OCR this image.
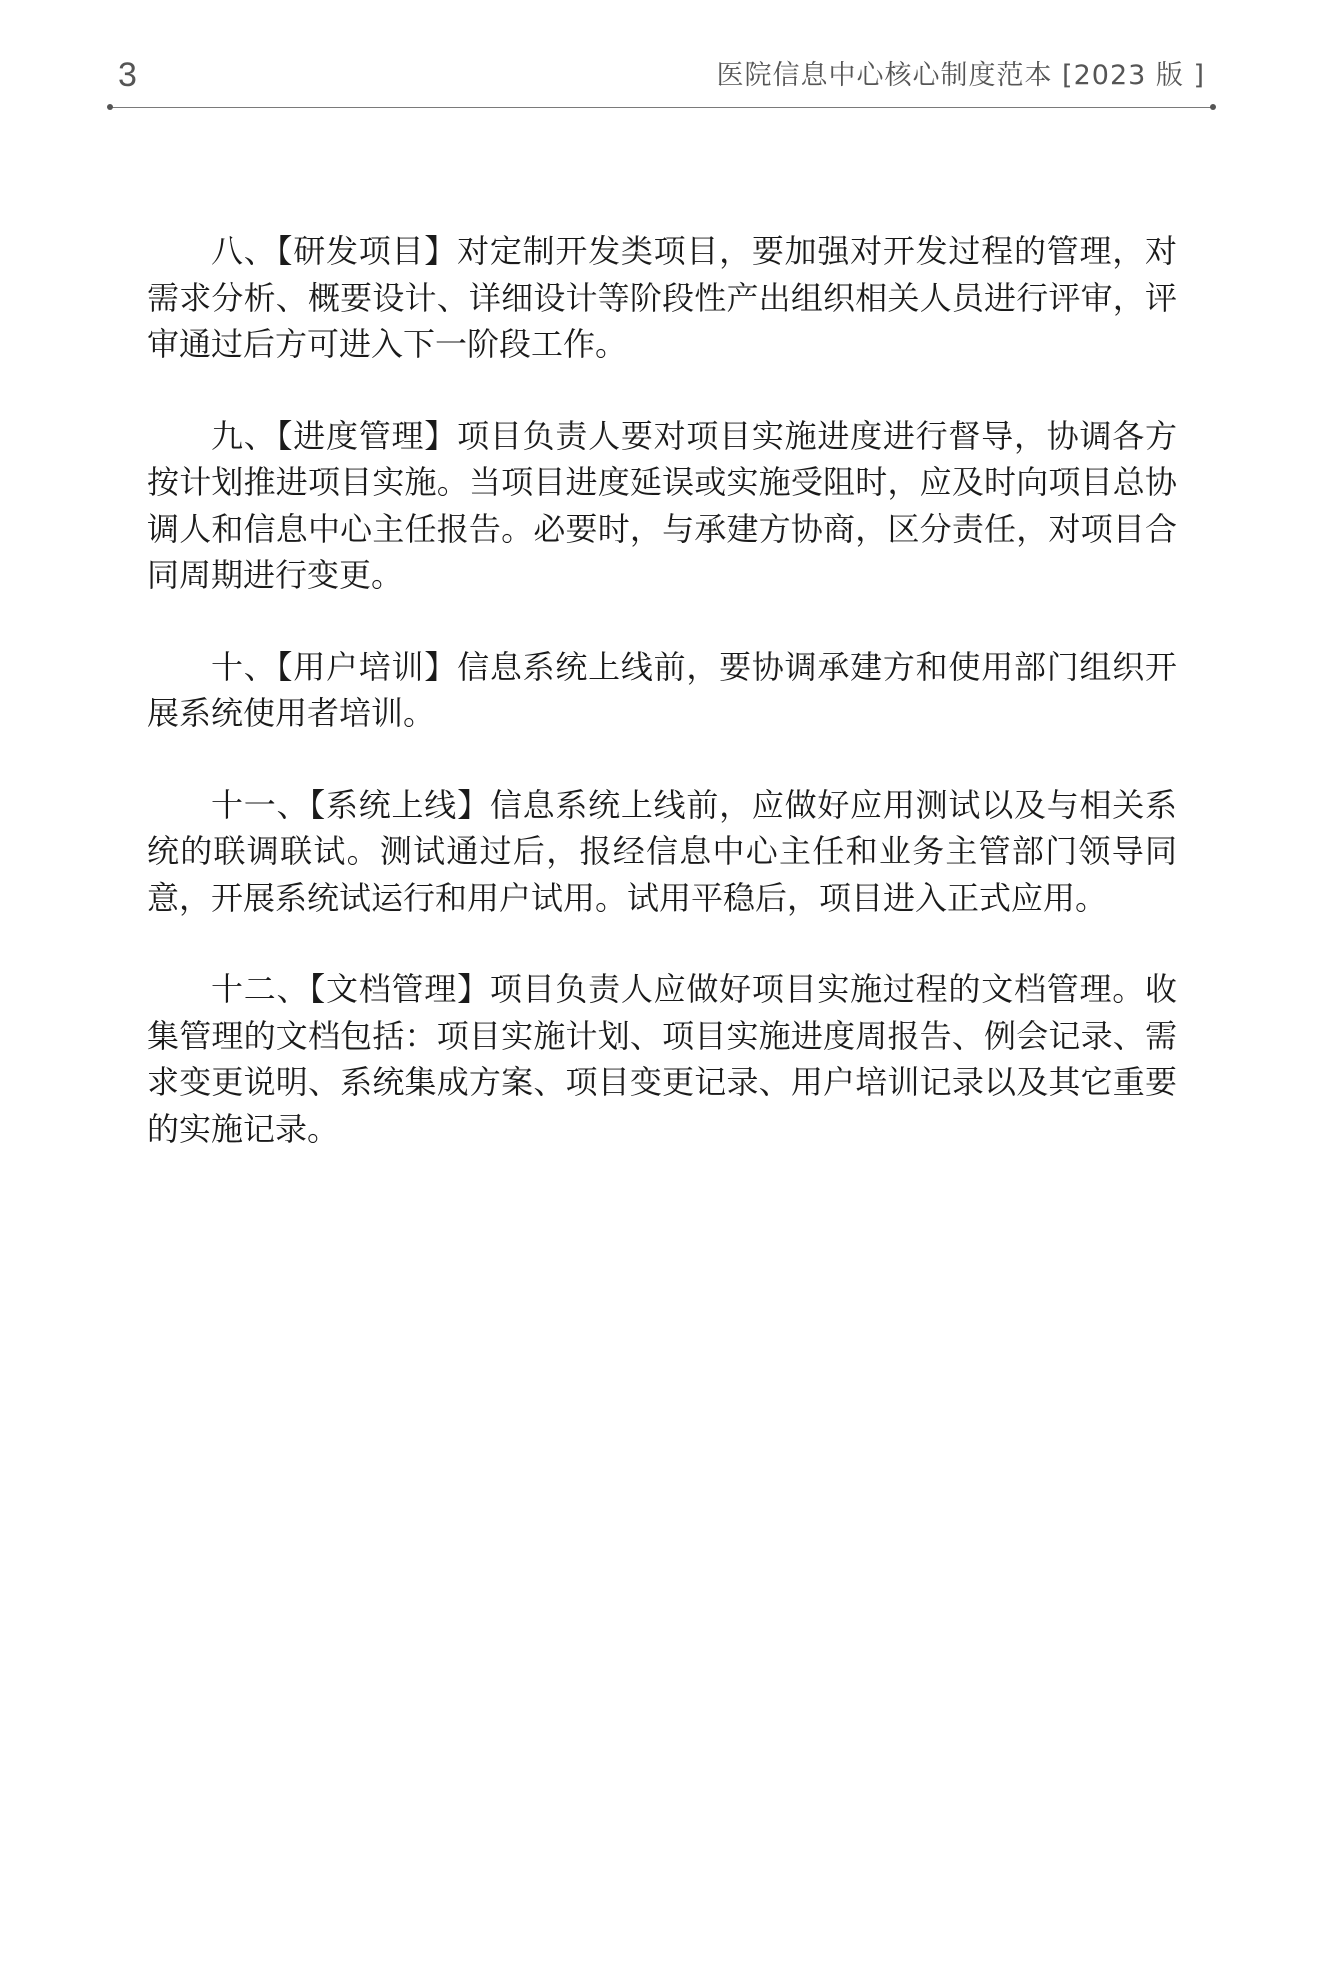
3	医院信息中心核心制度范本 [2023 版 ]

八、【研发项目】对定制开发类项目，要加强对开发过程的管理，对需求分析、概要设计、详细设计等阶段性产出组织相关人员进行评审，评审通过后方可进入下一阶段工作。

九、【进度管理】项目负责人要对项目实施进度进行督导，协调各方按计划推进项目实施。当项目进度延误或实施受阻时，应及时向项目总协调人和信息中心主任报告。必要时，与承建方协商，区分责任，对项目合同周期进行变更。

十、【用户培训】信息系统上线前，要协调承建方和使用部门组织开展系统使用者培训。

十一、【系统上线】信息系统上线前，应做好应用测试以及与相关系统的联调联试。测试通过后，报经信息中心主任和业务主管部门领导同意，开展系统试运行和用户试用。试用平稳后，项目进入正式应用。

十二、【文档管理】项目负责人应做好项目实施过程的文档管理。收集管理的文档包括：项目实施计划、项目实施进度周报告、例会记录、需求变更说明、系统集成方案、项目变更记录、用户培训记录以及其它重要的实施记录。
